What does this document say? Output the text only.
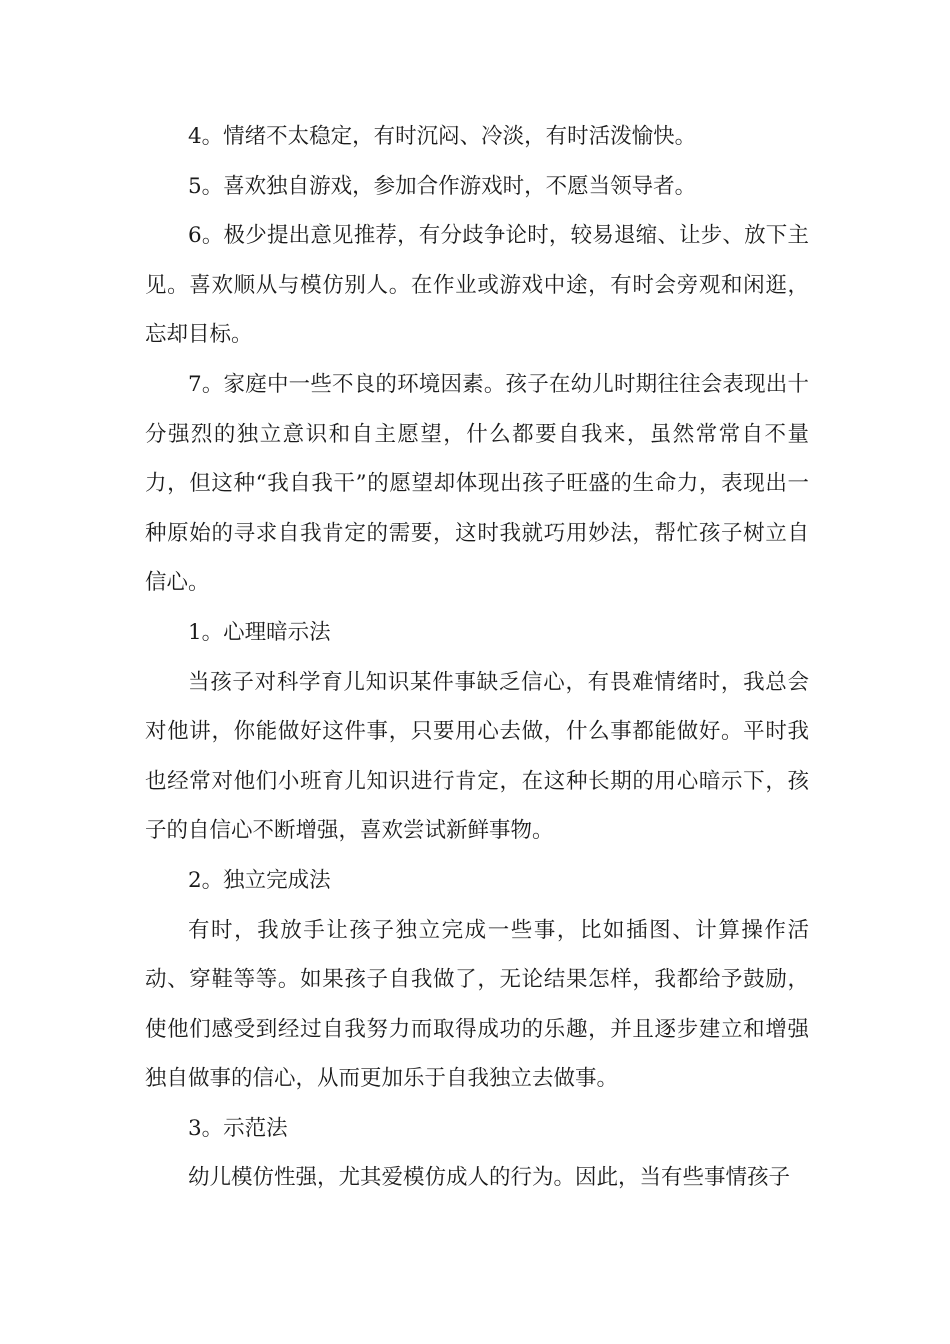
4。情绪不太稳定，有时沉闷、冷淡，有时活泼愉快。

5。喜欢独自游戏，参加合作游戏时，不愿当领导者。

6。极少提出意见推荐，有分歧争论时，较易退缩、让步、放下主见。喜欢顺从与模仿别人。在作业或游戏中途，有时会旁观和闲逛，忘却目标。

7。家庭中一些不良的环境因素。孩子在幼儿时期往往会表现出十分强烈的独立意识和自主愿望，什么都要自我来，虽然常常自不量力，但这种“我自我干”的愿望却体现出孩子旺盛的生命力，表现出一种原始的寻求自我肯定的需要，这时我就巧用妙法，帮忙孩子树立自信心。

1。心理暗示法

当孩子对科学育儿知识某件事缺乏信心，有畏难情绪时，我总会对他讲，你能做好这件事，只要用心去做，什么事都能做好。平时我也经常对他们小班育儿知识进行肯定，在这种长期的用心暗示下，孩子的自信心不断增强，喜欢尝试新鲜事物。

2。独立完成法

有时，我放手让孩子独立完成一些事，比如插图、计算操作活动、穿鞋等等。如果孩子自我做了，无论结果怎样，我都给予鼓励，使他们感受到经过自我努力而取得成功的乐趣，并且逐步建立和增强独自做事的信心，从而更加乐于自我独立去做事。

3。示范法

幼儿模仿性强，尤其爱模仿成人的行为。因此，当有些事情孩子
